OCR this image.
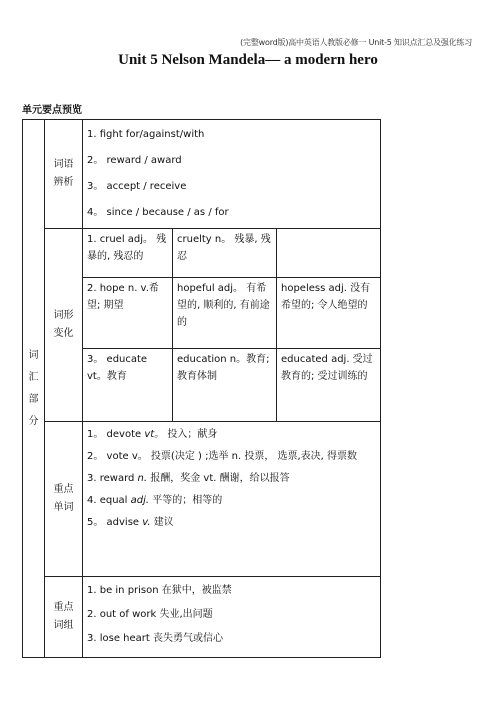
(完整word版)高中英语人教版必修一 Unit-5 知识点汇总及强化练习
Unit 5 Nelson Mandela— a modern hero
单元要点预览
词汇部分	词语辨析	1. fight for/against/with
2。 reward / award
3。 accept / receive
4。 since / because / as / for		

	词形变化	1. cruel adj。 残暴的, 残忍的	cruelty n。 残暴, 残忍	
		2. hope n. v.希望; 期望	hopeful adj。 有希望的, 顺利的, 有前途的	hopeless adj. 没有希望的; 令人绝望的
		3。 educate vt。教育	education n。教育; 教育体制	educated adj. 受过教育的; 受过训练的
	重点单词	1。 devote vt。 投入；献身
2。 vote v。 投票(决定 ) ;选举 n. 投票， 选票,表决, 得票数
3. reward n. 报酬，奖金 vt. 酬谢，给以报答
4. equal adj. 平等的；相等的
5。 advise v. 建议		

	重点词组	1. be in prison 在狱中，被监禁
2. out of work 失业,出问题
3. lose heart 丧失勇气或信心		
